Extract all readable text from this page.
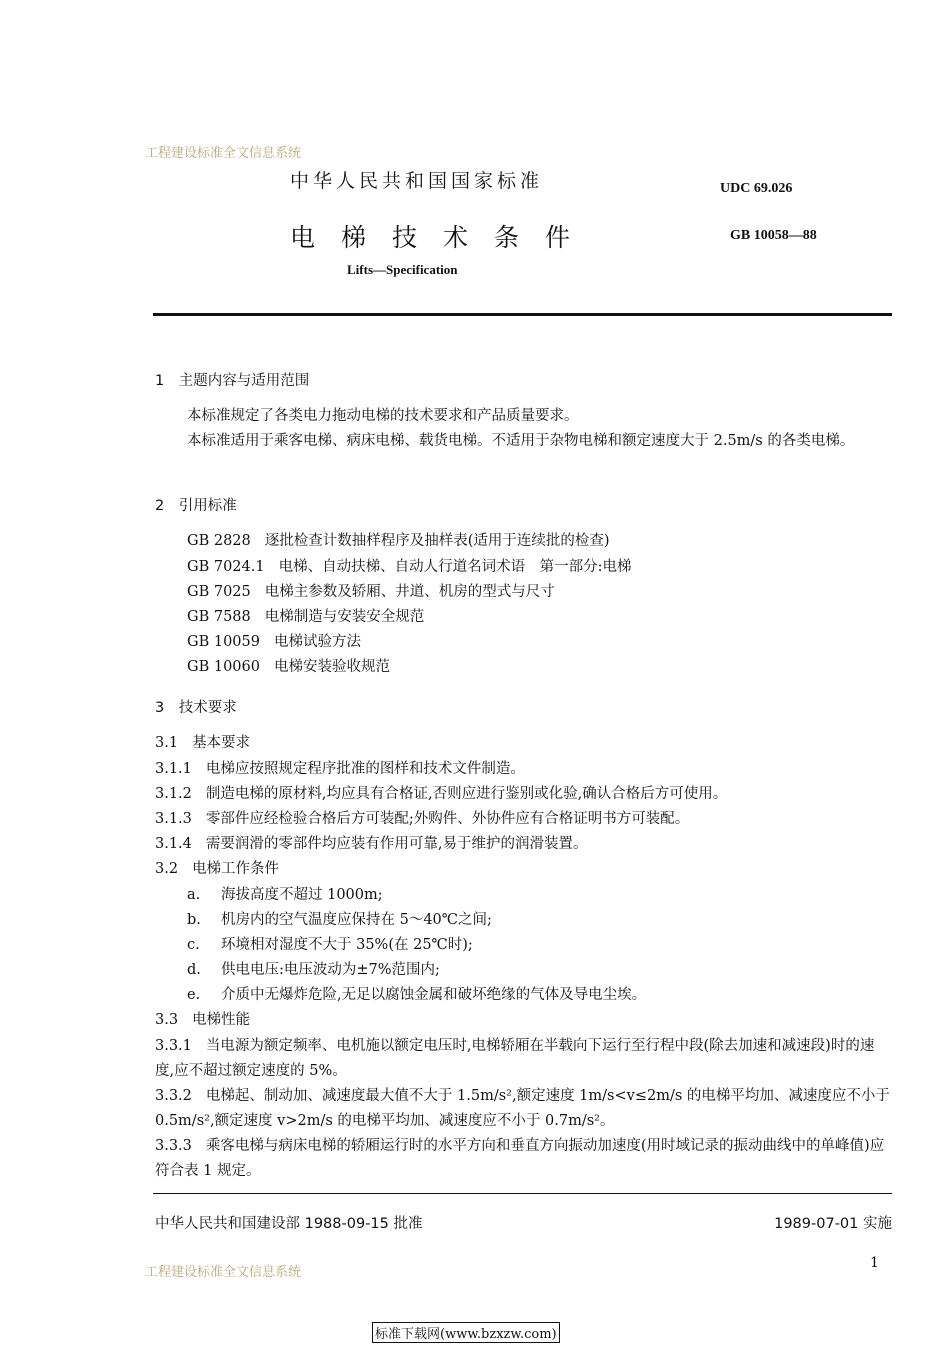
工程建设标准全文信息系统
中华人民共和国国家标准	UDC 69.026
电梯技术条件	GB 10058—88
Lifts—Specification
1　主题内容与适用范围
本标准规定了各类电力拖动电梯的技术要求和产品质量要求。
本标准适用于乘客电梯、病床电梯、载货电梯。不适用于杂物电梯和额定速度大于 2.5m/s 的各类电梯。
2　引用标准
GB 2828 逐批检查计数抽样程序及抽样表(适用于连续批的检查)
GB 7024.1 电梯、自动扶梯、自动人行道名词术语　第一部分:电梯
GB 7025 电梯主参数及轿厢、井道、机房的型式与尺寸
GB 7588 电梯制造与安装安全规范
GB 10059 电梯试验方法
GB 10060 电梯安装验收规范
3　技术要求
3.1 基本要求
3.1.1 电梯应按照规定程序批准的图样和技术文件制造。
3.1.2 制造电梯的原材料,均应具有合格证,否则应进行鉴别或化验,确认合格后方可使用。
3.1.3 零部件应经检验合格后方可装配;外购件、外协件应有合格证明书方可装配。
3.1.4 需要润滑的零部件均应装有作用可靠,易于维护的润滑装置。
3.2 电梯工作条件
a. 海拔高度不超过 1000m;
b. 机房内的空气温度应保持在 5～40℃之间;
c. 环境相对湿度不大于 35%(在 25℃时);
d. 供电电压:电压波动为±7%范围内;
e. 介质中无爆炸危险,无足以腐蚀金属和破坏绝缘的气体及导电尘埃。
3.3 电梯性能
3.3.1 当电源为额定频率、电机施以额定电压时,电梯轿厢在半载向下运行至行程中段(除去加速和减速段)时的速度,应不超过额定速度的 5%。
3.3.2 电梯起、制动加、减速度最大值不大于 1.5m/s²,额定速度 1m/s<v≤2m/s 的电梯平均加、减速度应不小于 0.5m/s²,额定速度 v>2m/s 的电梯平均加、减速度应不小于 0.7m/s²。
3.3.3 乘客电梯与病床电梯的轿厢运行时的水平方向和垂直方向振动加速度(用时域记录的振动曲线中的单峰值)应符合表 1 规定。
中华人民共和国建设部 1988-09-15 批准	1989-07-01 实施
工程建设标准全文信息系统
1
标准下载网(www.bzxzw.com)
